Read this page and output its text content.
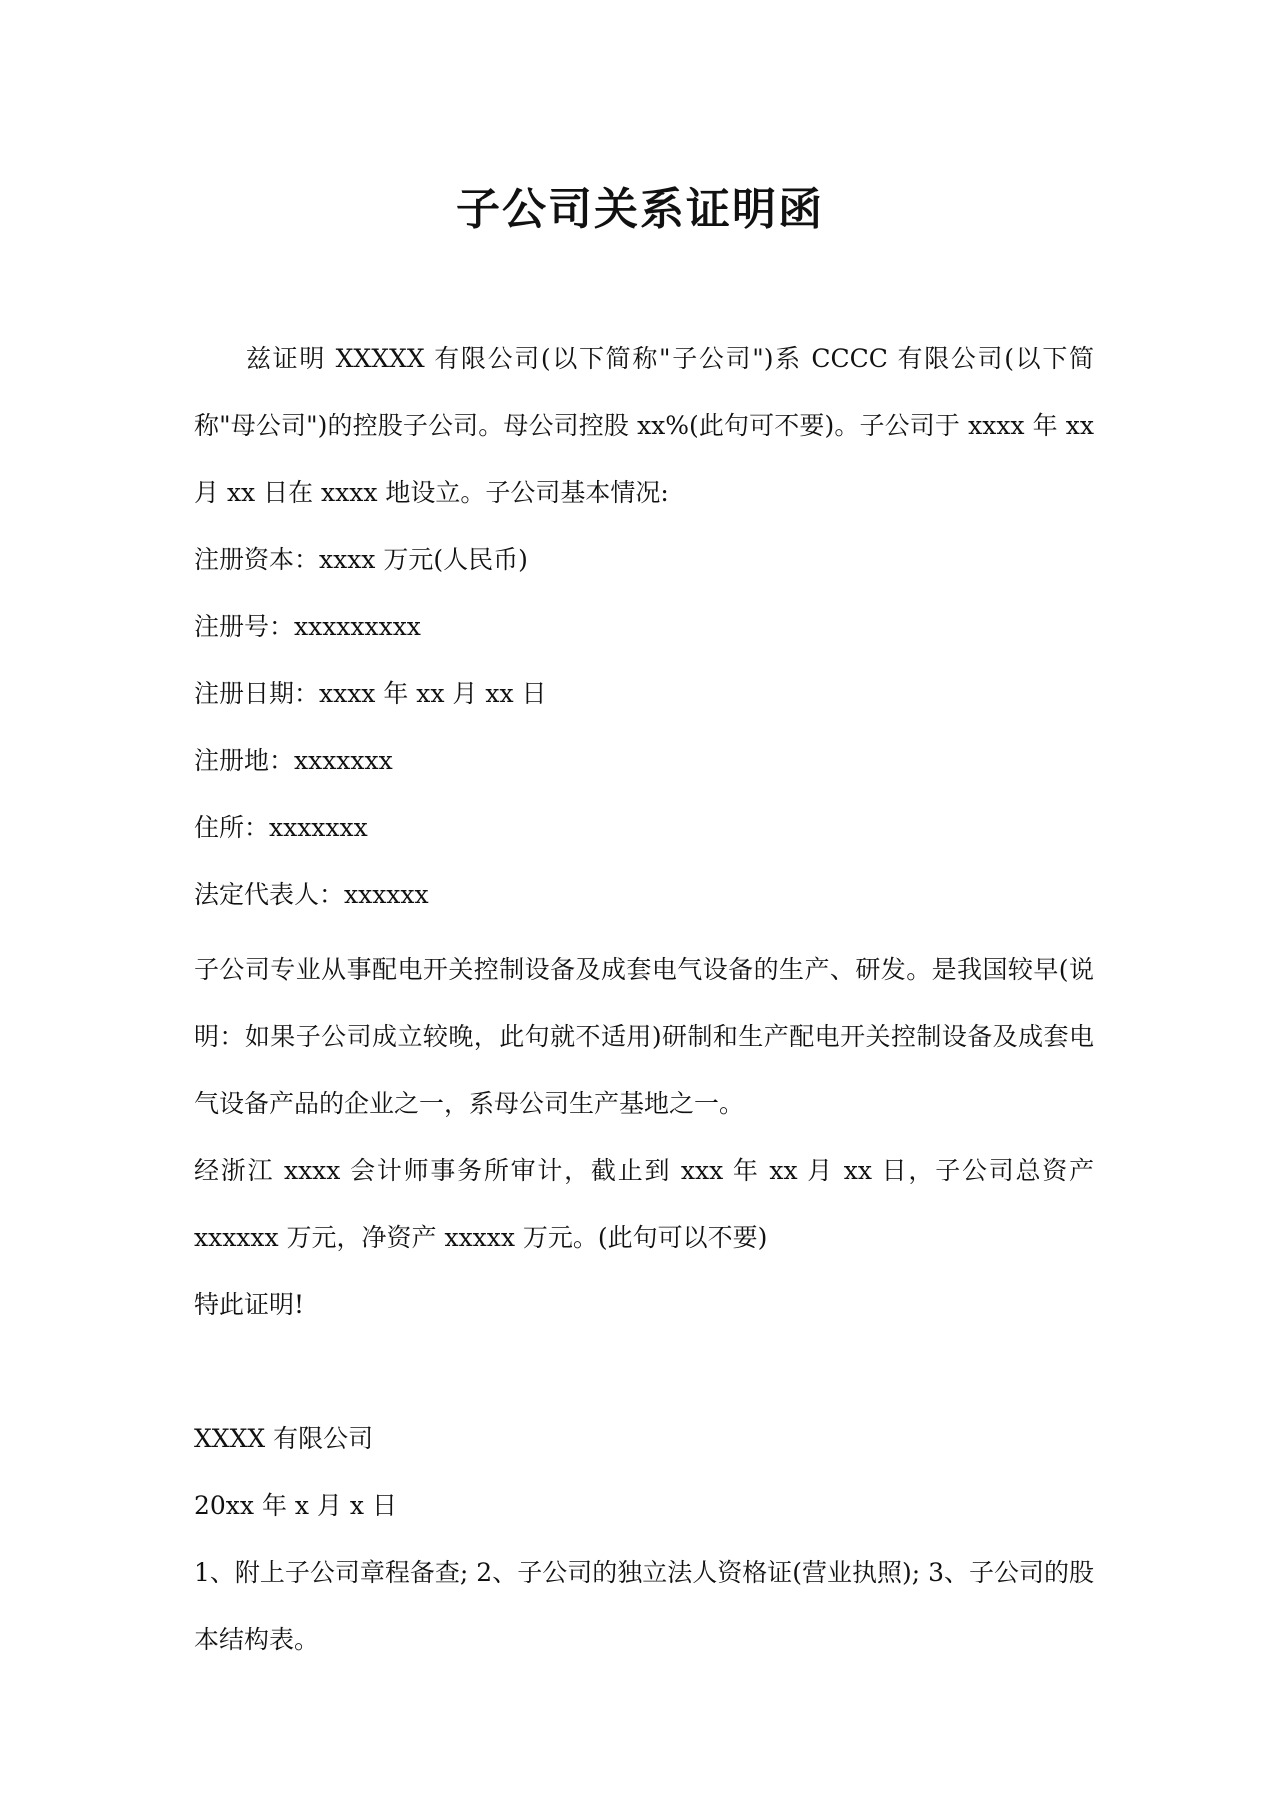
子公司关系证明函

兹证明 XXXXX 有限公司(以下简称"子公司")系 CCCC 有限公司(以下简称"母公司")的控股子公司。母公司控股 xx%(此句可不要)。子公司于 xxxx 年 xx 月 xx 日在 xxxx 地设立。子公司基本情况:

注册资本：xxxx 万元(人民币)

注册号：xxxxxxxxx

注册日期：xxxx 年 xx 月 xx 日

注册地：xxxxxxx

住所：xxxxxxx

法定代表人：xxxxxx

子公司专业从事配电开关控制设备及成套电气设备的生产、研发。是我国较早(说明：如果子公司成立较晚，此句就不适用)研制和生产配电开关控制设备及成套电气设备产品的企业之一，系母公司生产基地之一。

经浙江 xxxx 会计师事务所审计，截止到 xxx 年 xx 月 xx 日，子公司总资产 xxxxxx 万元，净资产 xxxxx 万元。(此句可以不要)

特此证明!

XXXX 有限公司

20xx 年 x 月 x 日

1、附上子公司章程备查; 2、子公司的独立法人资格证(营业执照); 3、子公司的股本结构表。
